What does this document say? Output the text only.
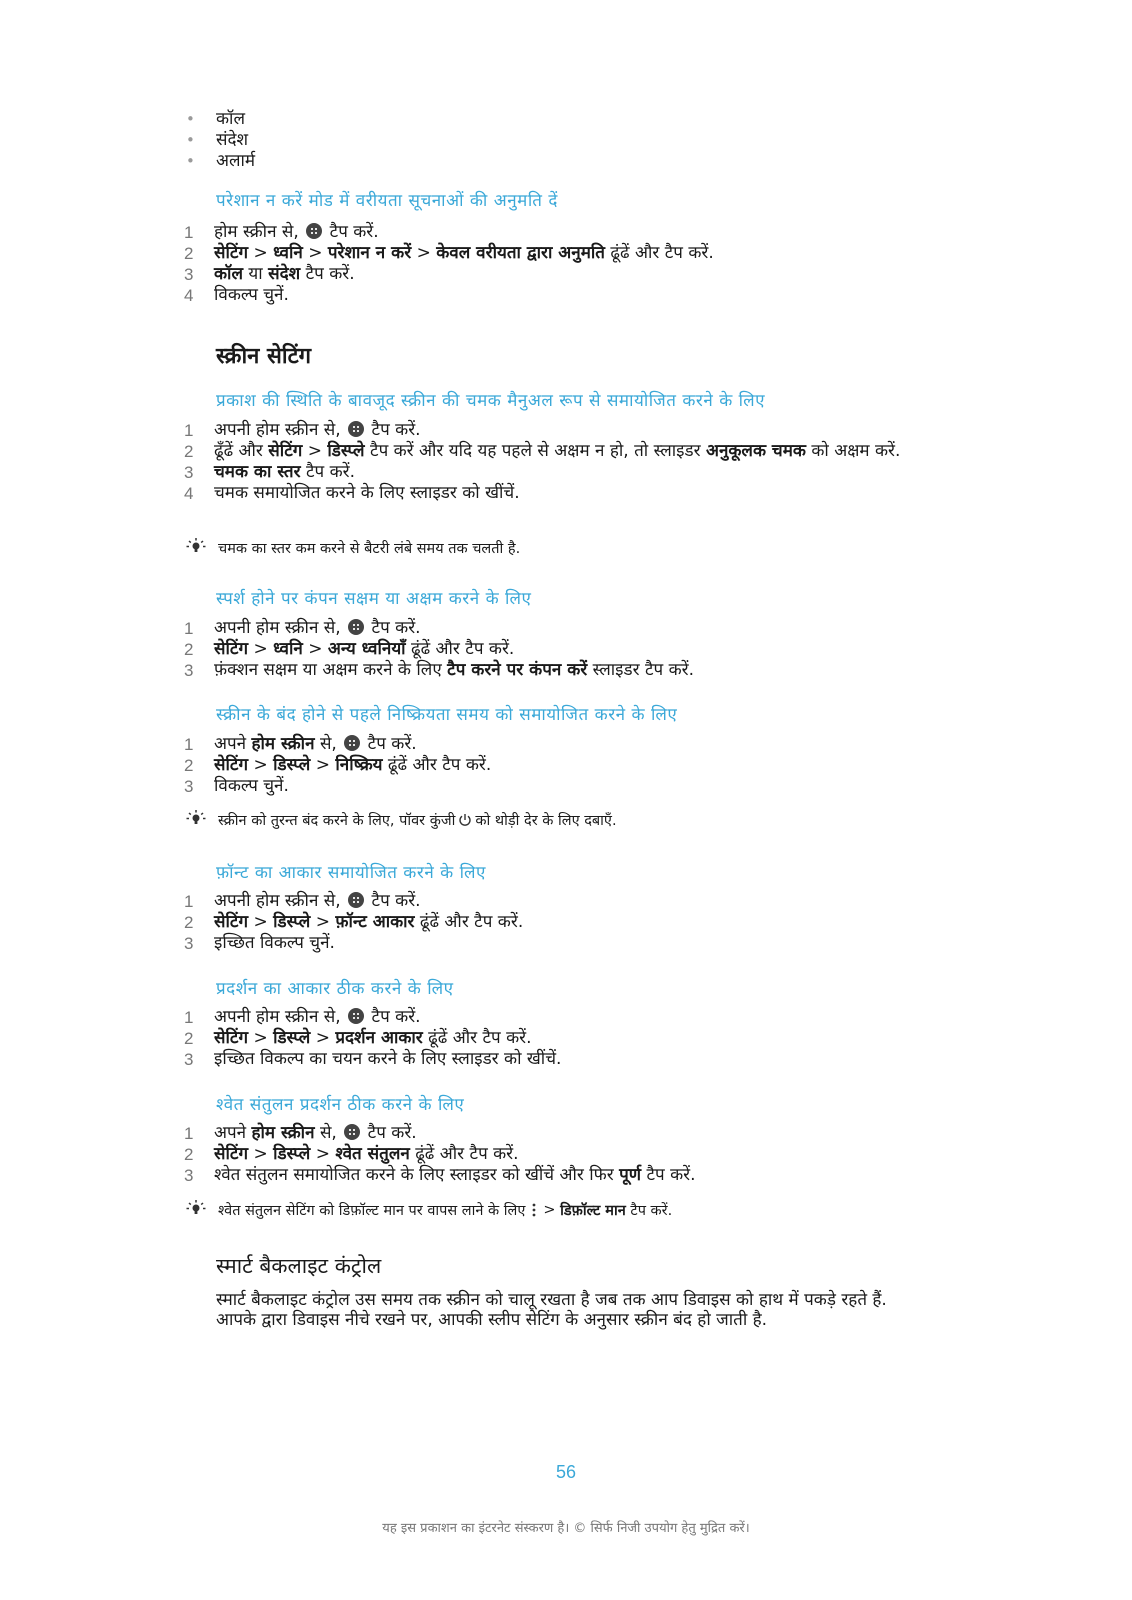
•	कॉल
•	संदेश
•	अलार्म
परेशान न करें मोड में वरीयता सूचनाओं की अनुमति दें
1	होम स्क्रीन से, टैप करें.
2	सेटिंग > ध्वनि > परेशान न करें > केवल वरीयता द्वारा अनुमति ढूंढें और टैप करें.
3	कॉल या संदेश टैप करें.
4	विकल्प चुनें.
स्क्रीन सेटिंग
प्रकाश की स्थिति के बावजूद स्क्रीन की चमक मैनुअल रूप से समायोजित करने के लिए
1	अपनी होम स्क्रीन से, टैप करें.
2	ढूँढें और सेटिंग > डिस्प्ले टैप करें और यदि यह पहले से अक्षम न हो, तो स्लाइडर अनुकूलक चमक को अक्षम करें.
3	चमक का स्तर टैप करें.
4	चमक समायोजित करने के लिए स्लाइडर को खींचें.
चमक का स्तर कम करने से बैटरी लंबे समय तक चलती है.
स्पर्श होने पर कंपन सक्षम या अक्षम करने के लिए
1	अपनी होम स्क्रीन से, टैप करें.
2	सेटिंग > ध्वनि > अन्य ध्वनियाँ ढूंढें और टैप करें.
3	फ़ंक्शन सक्षम या अक्षम करने के लिए टैप करने पर कंपन करें स्लाइडर टैप करें.
स्क्रीन के बंद होने से पहले निष्क्रियता समय को समायोजित करने के लिए
1	अपने होम स्क्रीन से, टैप करें.
2	सेटिंग > डिस्प्ले > निष्क्रिय ढूंढें और टैप करें.
3	विकल्प चुनें.
स्क्रीन को तुरन्त बंद करने के लिए, पॉवर कुंजी को थोड़ी देर के लिए दबाएँ.
फ़ॉन्ट का आकार समायोजित करने के लिए
1	अपनी होम स्क्रीन से, टैप करें.
2	सेटिंग > डिस्प्ले > फ़ॉन्ट आकार ढूंढें और टैप करें.
3	इच्छित विकल्प चुनें.
प्रदर्शन का आकार ठीक करने के लिए
1	अपनी होम स्क्रीन से, टैप करें.
2	सेटिंग > डिस्प्ले > प्रदर्शन आकार ढूंढें और टैप करें.
3	इच्छित विकल्प का चयन करने के लिए स्लाइडर को खींचें.
श्वेत संतुलन प्रदर्शन ठीक करने के लिए
1	अपने होम स्क्रीन से, टैप करें.
2	सेटिंग > डिस्प्ले > श्वेत संतुलन ढूंढें और टैप करें.
3	श्वेत संतुलन समायोजित करने के लिए स्लाइडर को खींचें और फिर पूर्ण टैप करें.
श्वेत संतुलन सेटिंग को डिफ़ॉल्ट मान पर वापस लाने के लिए >
डिफ़ॉल्ट मान
टैप करें.
स्मार्ट बैकलाइट कंट्रोल
स्मार्ट बैकलाइट कंट्रोल उस समय तक स्क्रीन को चालू रखता है जब तक आप डिवाइस को हाथ में पकड़े रहते हैं. आपके द्वारा डिवाइस नीचे रखने पर, आपकी स्लीप सेटिंग के अनुसार स्क्रीन बंद हो जाती है.
56
यह इस प्रकाशन का इंटरनेट संस्करण है। © सिर्फ निजी उपयोग हेतु मुद्रित करें।
